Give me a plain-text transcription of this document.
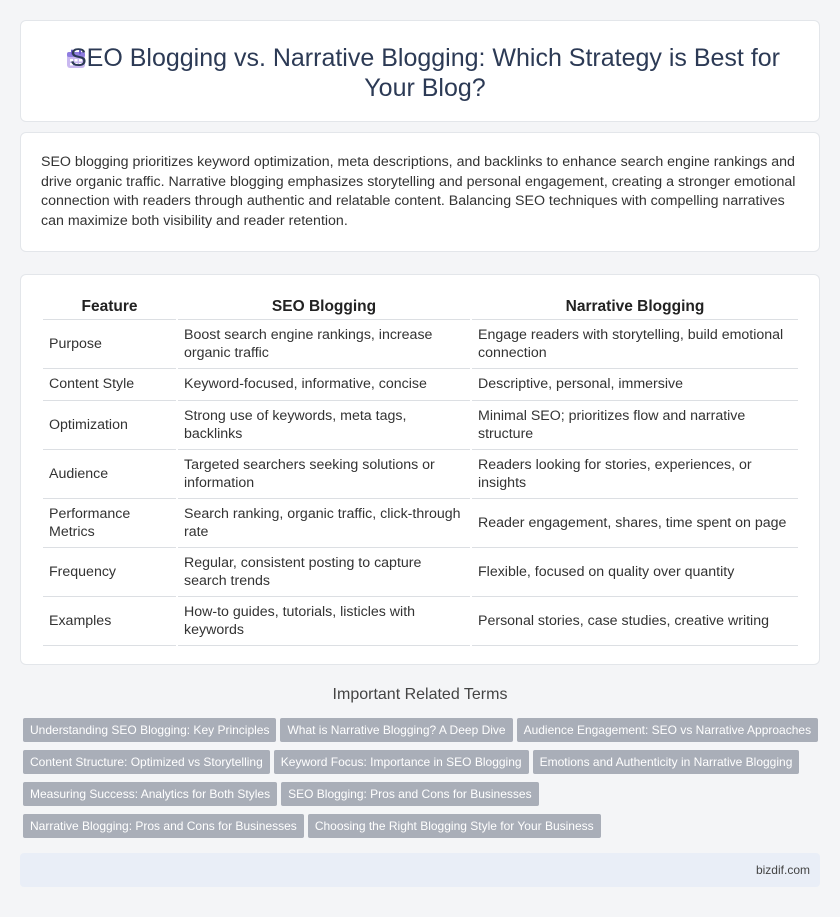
SEO Blogging vs. Narrative Blogging: Which Strategy is Best for Your Blog?

SEO blogging prioritizes keyword optimization, meta descriptions, and backlinks to enhance search engine rankings and drive organic traffic. Narrative blogging emphasizes storytelling and personal engagement, creating a stronger emotional connection with readers through authentic and relatable content. Balancing SEO techniques with compelling narratives can maximize both visibility and reader retention.

Feature	SEO Blogging	Narrative Blogging
Purpose	Boost search engine rankings, increase organic traffic	Engage readers with storytelling, build emotional connection
Content Style	Keyword-focused, informative, concise	Descriptive, personal, immersive
Optimization	Strong use of keywords, meta tags, backlinks	Minimal SEO; prioritizes flow and narrative structure
Audience	Targeted searchers seeking solutions or information	Readers looking for stories, experiences, or insights
Performance Metrics	Search ranking, organic traffic, click-through rate	Reader engagement, shares, time spent on page
Frequency	Regular, consistent posting to capture search trends	Flexible, focused on quality over quantity
Examples	How-to guides, tutorials, listicles with keywords	Personal stories, case studies, creative writing
Important Related Terms
Understanding SEO Blogging: Key Principles What is Narrative Blogging? A Deep Dive Audience Engagement: SEO vs Narrative Approaches
Content Structure: Optimized vs Storytelling Keyword Focus: Importance in SEO Blogging Emotions and Authenticity in Narrative Blogging
Measuring Success: Analytics for Both Styles SEO Blogging: Pros and Cons for Businesses
Narrative Blogging: Pros and Cons for Businesses Choosing the Right Blogging Style for Your Business
bizdif.com
